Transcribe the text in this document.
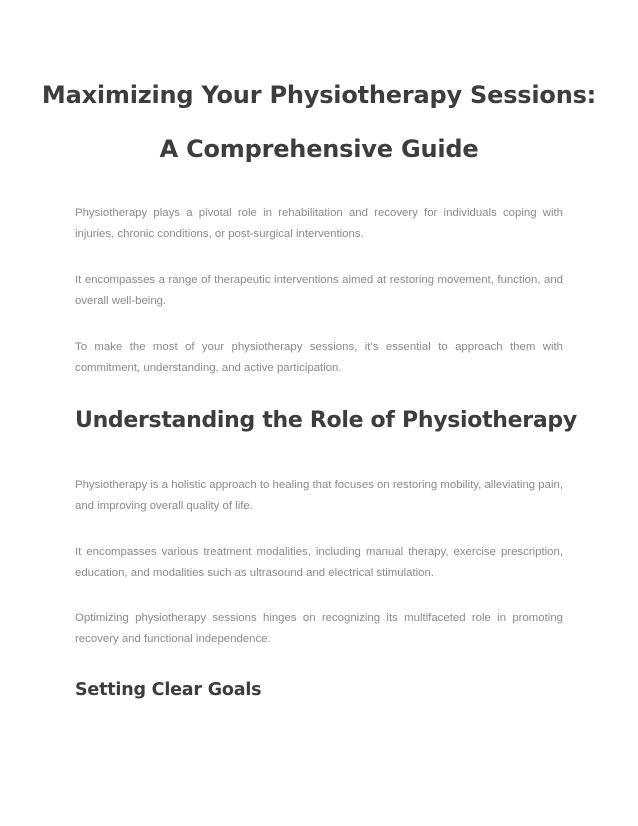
Maximizing Your Physiotherapy Sessions: A Comprehensive Guide

Physiotherapy plays a pivotal role in rehabilitation and recovery for individuals coping with injuries, chronic conditions, or post-surgical interventions.

It encompasses a range of therapeutic interventions aimed at restoring movement, function, and overall well-being.

To make the most of your physiotherapy sessions, it’s essential to approach them with commitment, understanding, and active participation.

Understanding the Role of Physiotherapy

Physiotherapy is a holistic approach to healing that focuses on restoring mobility, alleviating pain, and improving overall quality of life.

It encompasses various treatment modalities, including manual therapy, exercise prescription, education, and modalities such as ultrasound and electrical stimulation.

Optimizing physiotherapy sessions hinges on recognizing its multifaceted role in promoting recovery and functional independence.

Setting Clear Goals
